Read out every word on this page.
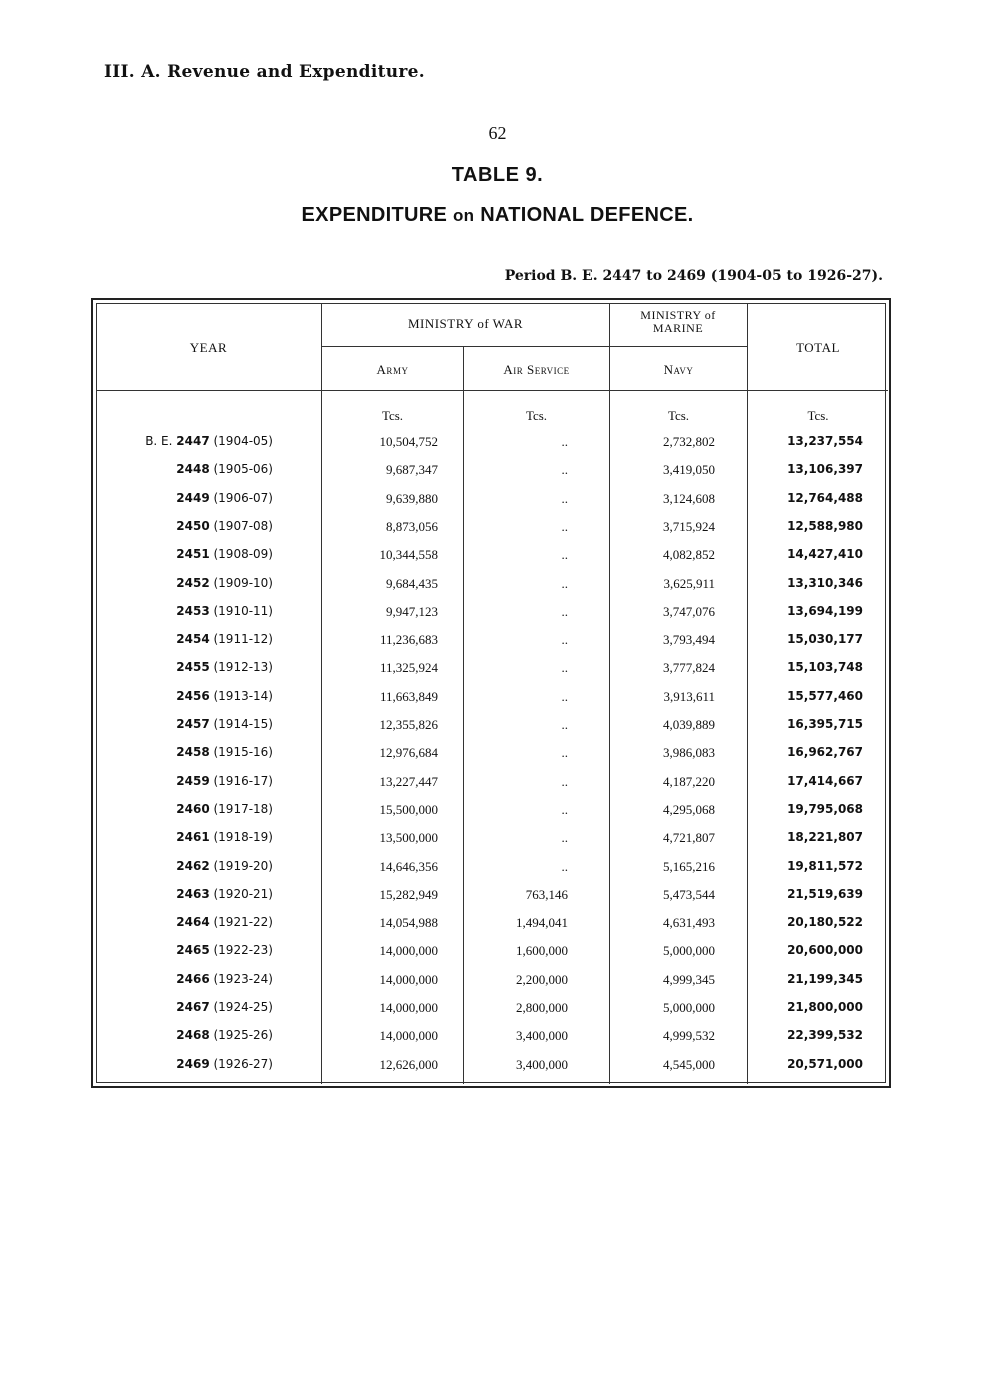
III. A. Revenue and Expenditure.
62
TABLE 9.
EXPENDITURE on NATIONAL DEFENCE.
Period B. E. 2447 to 2469 (1904-05 to 1926-27).
YEAR
MINISTRY of WAR
Army	Air Service
MINISTRY of MARINE
Navy
TOTAL
Tcs.	Tcs.	Tcs.	Tcs.
B. E. 2447 (1904-05)	10,504,752	..	2,732,802	13,237,554
2448 (1905-06)	9,687,347	..	3,419,050	13,106,397
2449 (1906-07)	9,639,880	..	3,124,608	12,764,488
2450 (1907-08)	8,873,056	..	3,715,924	12,588,980
2451 (1908-09)	10,344,558	..	4,082,852	14,427,410
2452 (1909-10)	9,684,435	..	3,625,911	13,310,346
2453 (1910-11)	9,947,123	..	3,747,076	13,694,199
2454 (1911-12)	11,236,683	..	3,793,494	15,030,177
2455 (1912-13)	11,325,924	..	3,777,824	15,103,748
2456 (1913-14)	11,663,849	..	3,913,611	15,577,460
2457 (1914-15)	12,355,826	..	4,039,889	16,395,715
2458 (1915-16)	12,976,684	..	3,986,083	16,962,767
2459 (1916-17)	13,227,447	..	4,187,220	17,414,667
2460 (1917-18)	15,500,000	..	4,295,068	19,795,068
2461 (1918-19)	13,500,000	..	4,721,807	18,221,807
2462 (1919-20)	14,646,356	..	5,165,216	19,811,572
2463 (1920-21)	15,282,949	763,146	5,473,544	21,519,639
2464 (1921-22)	14,054,988	1,494,041	4,631,493	20,180,522
2465 (1922-23)	14,000,000	1,600,000	5,000,000	20,600,000
2466 (1923-24)	14,000,000	2,200,000	4,999,345	21,199,345
2467 (1924-25)	14,000,000	2,800,000	5,000,000	21,800,000
2468 (1925-26)	14,000,000	3,400,000	4,999,532	22,399,532
2469 (1926-27)	12,626,000	3,400,000	4,545,000	20,571,000
